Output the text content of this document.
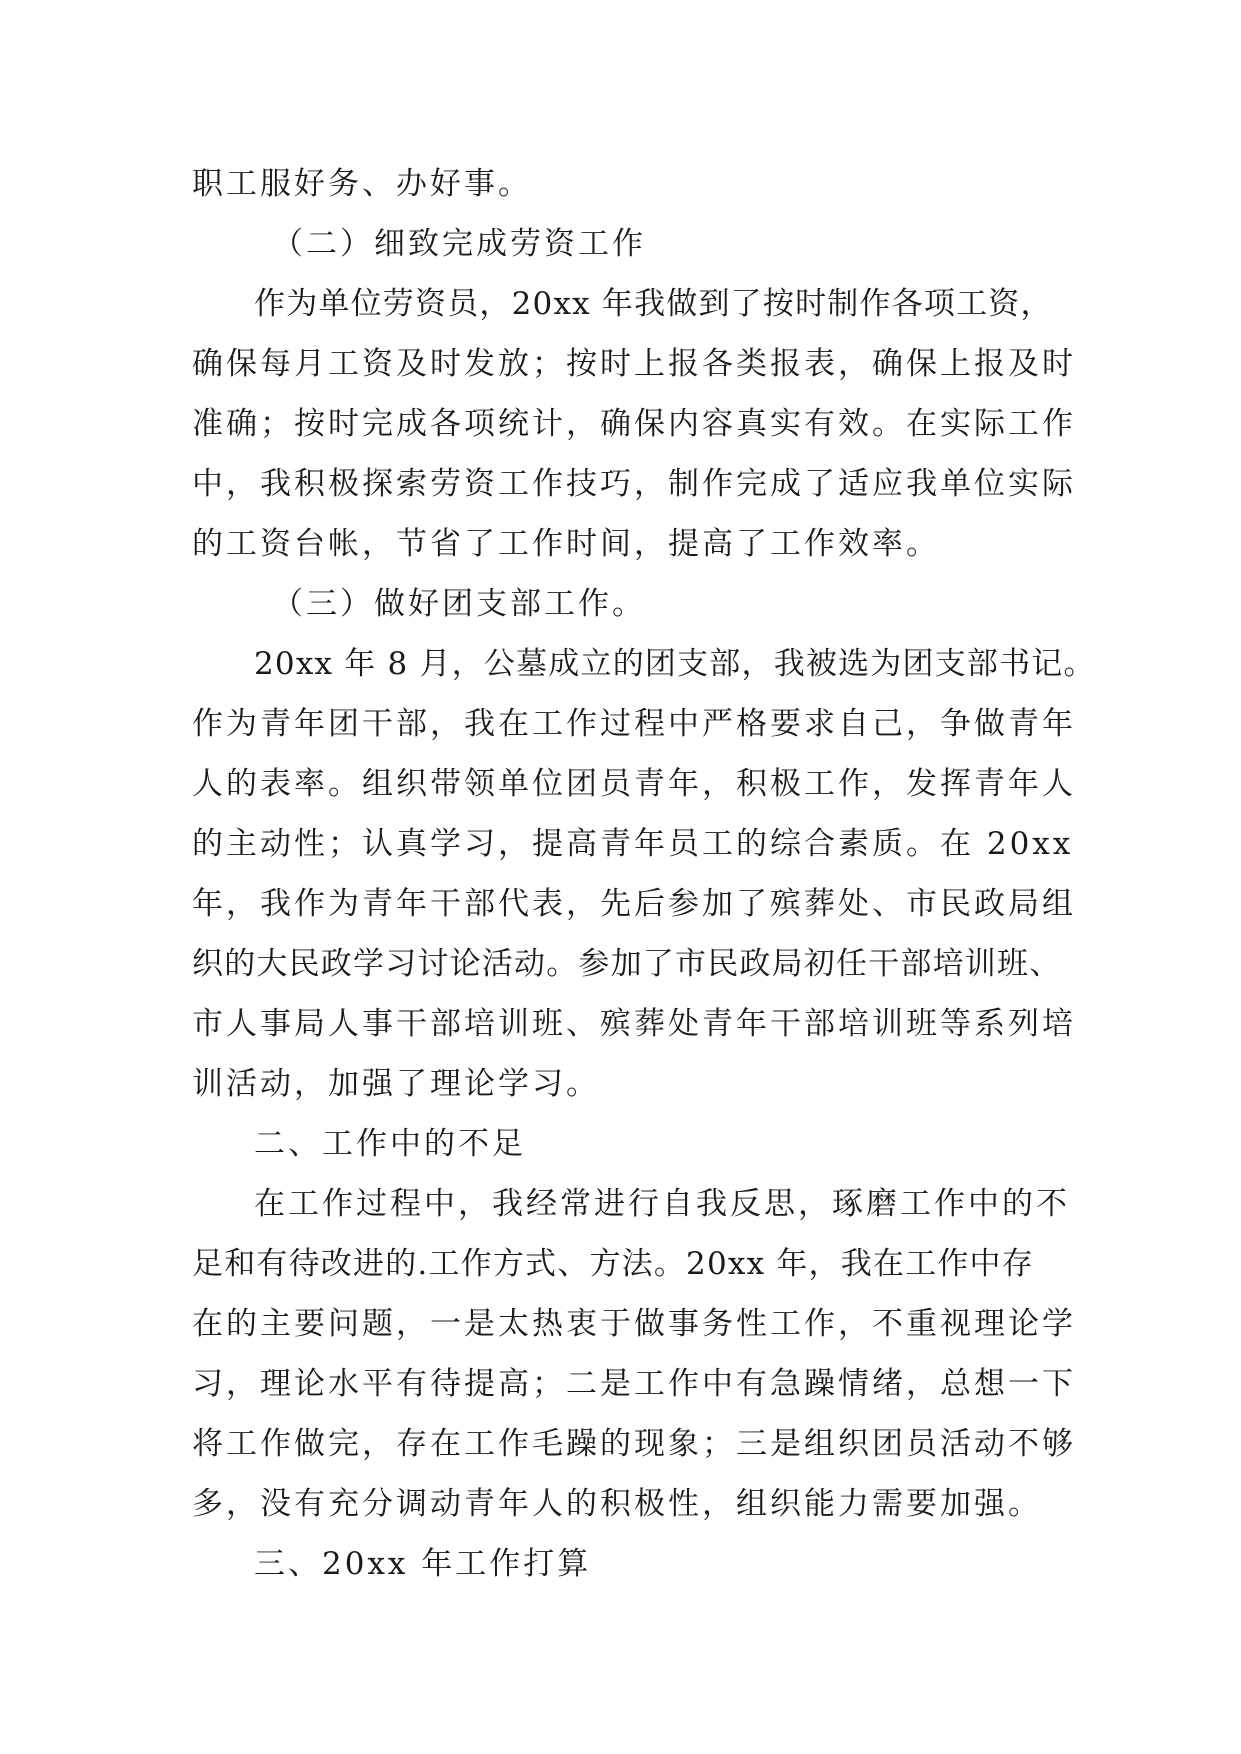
职工服好务、办好事。
（二）细致完成劳资工作
作为单位劳资员，20xx 年我做到了按时制作各项工资，
确保每月工资及时发放；按时上报各类报表，确保上报及时
准确；按时完成各项统计，确保内容真实有效。在实际工作
中，我积极探索劳资工作技巧，制作完成了适应我单位实际
的工资台帐，节省了工作时间，提高了工作效率。
（三）做好团支部工作。
20xx 年 8 月，公墓成立的团支部，我被选为团支部书记。
作为青年团干部，我在工作过程中严格要求自己，争做青年
人的表率。组织带领单位团员青年，积极工作，发挥青年人
的主动性；认真学习，提高青年员工的综合素质。在 20xx
年，我作为青年干部代表，先后参加了殡葬处、市民政局组
织的大民政学习讨论活动。参加了市民政局初任干部培训班、
市人事局人事干部培训班、殡葬处青年干部培训班等系列培
训活动，加强了理论学习。
二、工作中的不足
在工作过程中，我经常进行自我反思，琢磨工作中的不
足和有待改进的.工作方式、方法。20xx 年，我在工作中存
在的主要问题，一是太热衷于做事务性工作，不重视理论学
习，理论水平有待提高；二是工作中有急躁情绪，总想一下
将工作做完，存在工作毛躁的现象；三是组织团员活动不够
多，没有充分调动青年人的积极性，组织能力需要加强。
三、20xx 年工作打算
